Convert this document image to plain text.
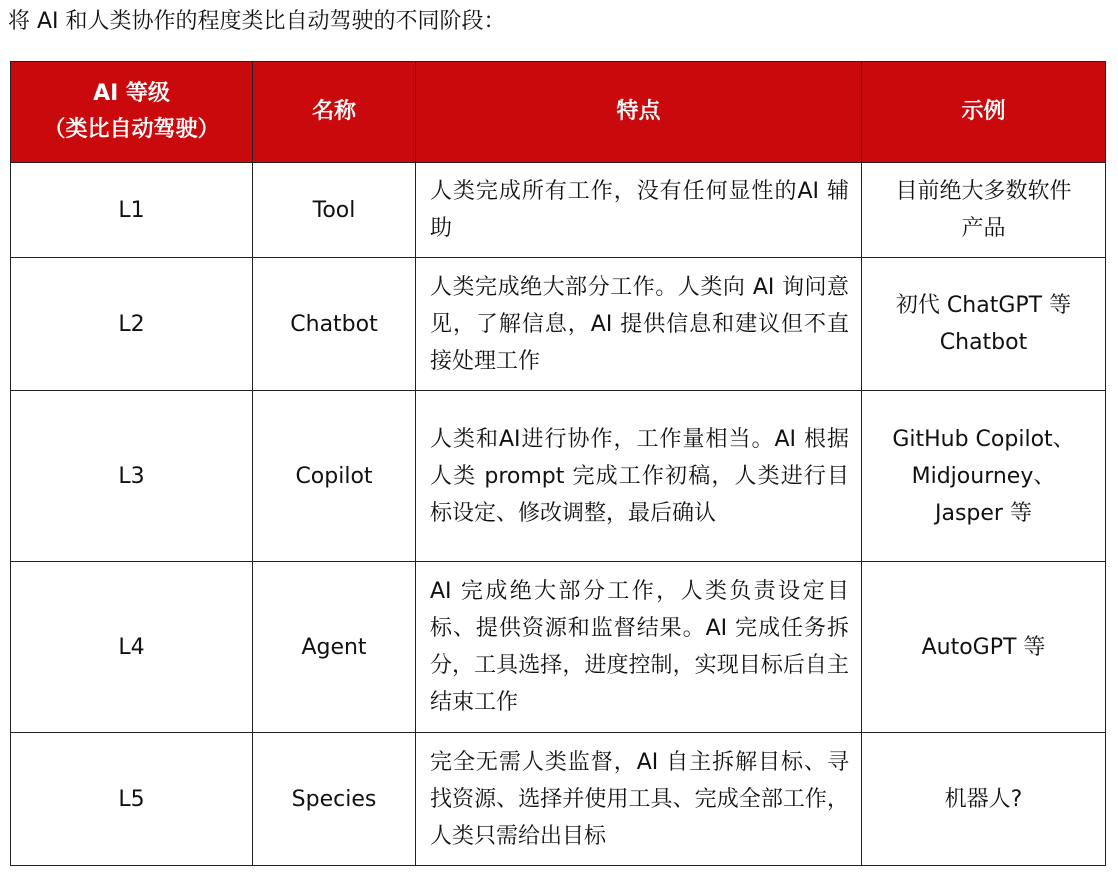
将 AI 和人类协作的程度类比自动驾驶的不同阶段：
AI 等级
（类比自动驾驶）	名称	特点	示例
L1	Tool	人类完成所有工作，没有任何显性的AI 辅助	目前绝大多数软件
产品

L2	Chatbot	人类完成绝大部分工作。人类向 AI 询问意见，了解信息，AI 提供信息和建议但不直接处理工作	初代 ChatGPT 等
Chatbot

L3	Copilot	人类和AI进行协作，工作量相当。AI 根据人类 prompt 完成工作初稿，人类进行目标设定、修改调整，最后确认	GitHub Copilot、
Midjourney、
Jasper 等

L4	Agent	AI 完成绝大部分工作，人类负责设定目标、提供资源和监督结果。AI 完成任务拆分，工具选择，进度控制，实现目标后自主结束工作	AutoGPT 等

L5	Species	完全无需人类监督，AI 自主拆解目标、寻找资源、选择并使用工具、完成全部工作，人类只需给出目标	机器人?
